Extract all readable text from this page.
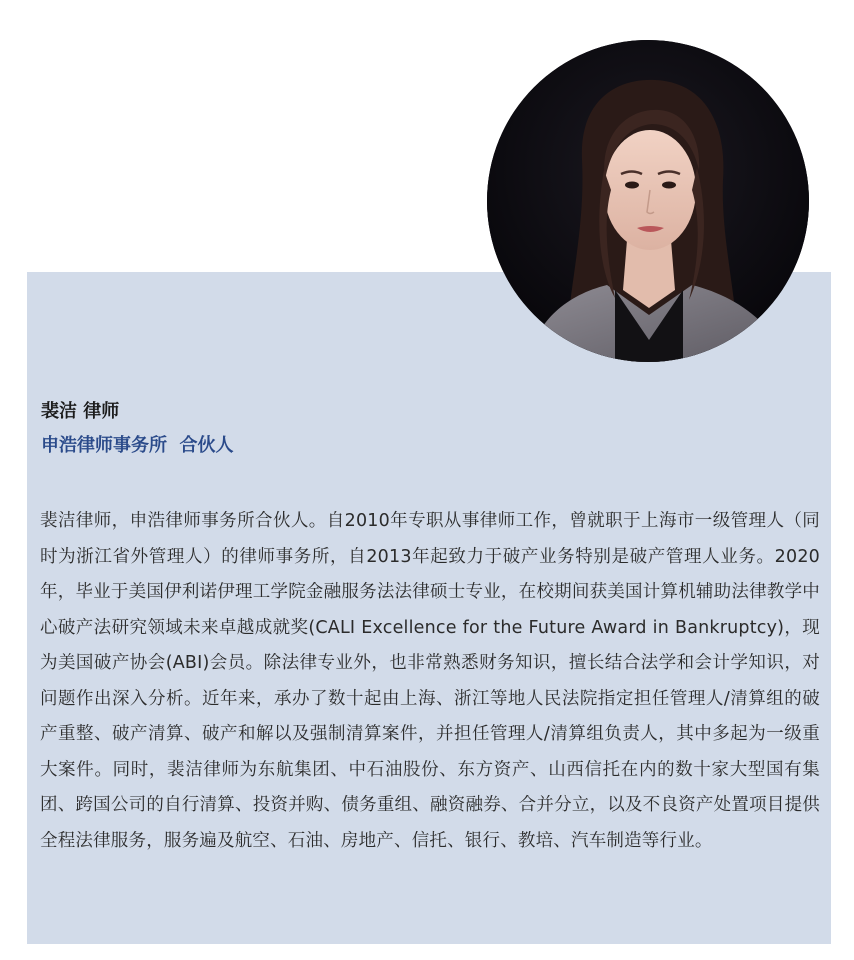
裴洁 律师
申浩律师事务所  合伙人
裴洁律师，申浩律师事务所合伙人。自2010年专职从事律师工作，曾就职于上海市一级管理人（同时为浙江省外管理人）的律师事务所，自2013年起致力于破产业务特别是破产管理人业务。2020年，毕业于美国伊利诺伊理工学院金融服务法法律硕士专业，在校期间获美国计算机辅助法律教学中心破产法研究领域未来卓越成就奖(CALI Excellence for the Future Award in Bankruptcy)，现为美国破产协会(ABI)会员。除法律专业外，也非常熟悉财务知识，擅长结合法学和会计学知识，对问题作出深入分析。近年来，承办了数十起由上海、浙江等地人民法院指定担任管理人/清算组的破产重整、破产清算、破产和解以及强制清算案件，并担任管理人/清算组负责人，其中多起为一级重大案件。同时，裴洁律师为东航集团、中石油股份、东方资产、山西信托在内的数十家大型国有集团、跨国公司的自行清算、投资并购、债务重组、融资融券、合并分立，以及不良资产处置项目提供全程法律服务，服务遍及航空、石油、房地产、信托、银行、教培、汽车制造等行业。
